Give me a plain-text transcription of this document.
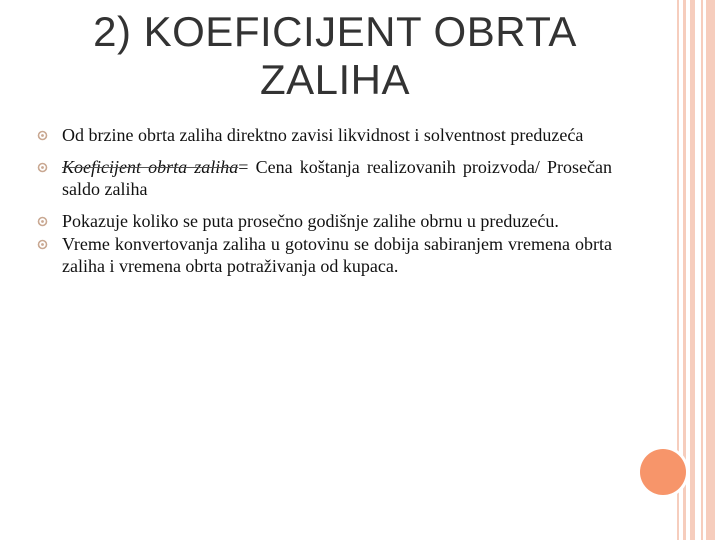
2) KOEFICIJENT OBRTA
ZALIHA
Od brzine obrta zaliha direktno zavisi likvidnost i solventnost preduzeća
Koeficijent obrta zaliha= Cena koštanja realizovanih proizvoda/ Prosečan saldo zaliha
Pokazuje koliko se puta prosečno godišnje zalihe obrnu u preduzeću.
Vreme konvertovanja zaliha u gotovinu se dobija sabiranjem vremena obrta zaliha i vremena obrta potraživanja od kupaca.
